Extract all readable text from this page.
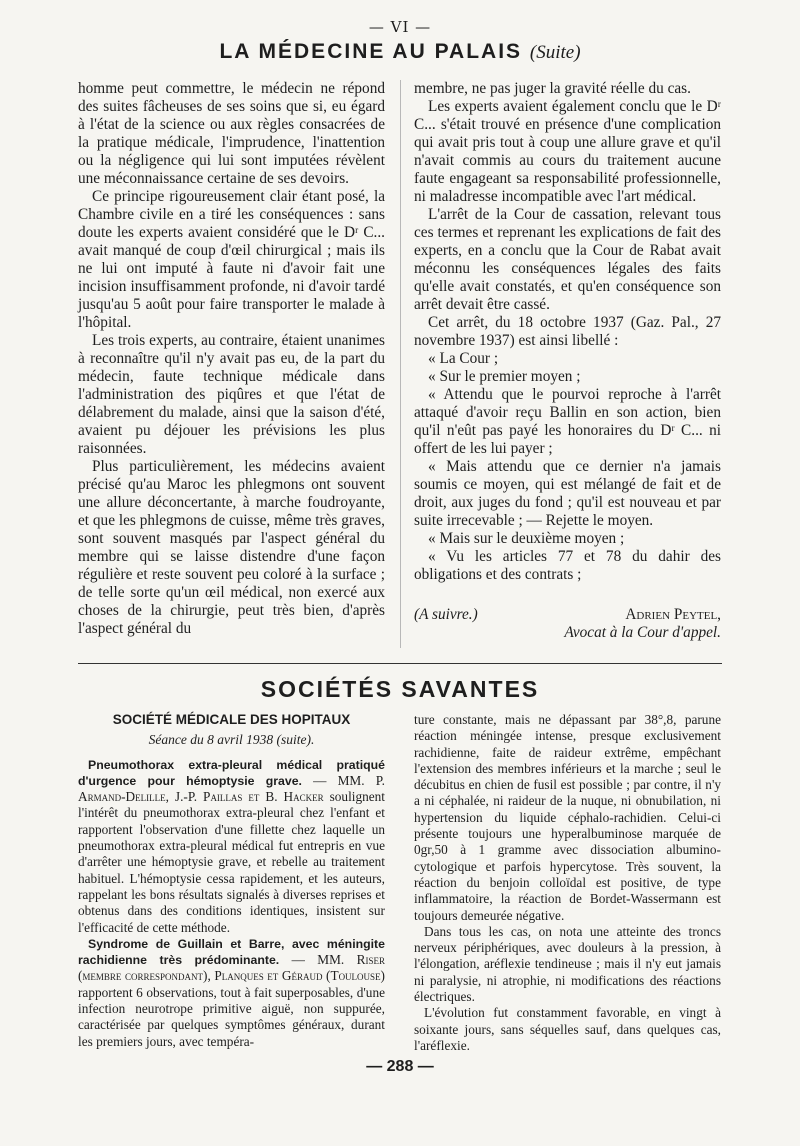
— VI —
LA MÉDECINE AU PALAIS (Suite)

homme peut commettre, le médecin ne répond des suites fâcheuses de ses soins que si, eu égard à l'état de la science ou aux règles consacrées de la pratique médicale, l'imprudence, l'inattention ou la négligence qui lui sont imputées révèlent une méconnaissance certaine de ses devoirs.

Ce principe rigoureusement clair étant posé, la Chambre civile en a tiré les conséquences : sans doute les experts avaient considéré que le Dʳ C... avait manqué de coup d'œil chirurgical ; mais ils ne lui ont imputé à faute ni d'avoir fait une incision insuffisamment profonde, ni d'avoir tardé jusqu'au 5 août pour faire transporter le malade à l'hôpital.

Les trois experts, au contraire, étaient unanimes à reconnaître qu'il n'y avait pas eu, de la part du médecin, faute technique médicale dans l'administration des piqûres et que l'état de délabrement du malade, ainsi que la saison d'été, avaient pu déjouer les prévisions les plus raisonnées.

Plus particulièrement, les médecins avaient précisé qu'au Maroc les phlegmons ont souvent une allure déconcertante, à marche foudroyante, et que les phlegmons de cuisse, même très graves, sont souvent masqués par l'aspect général du membre qui se laisse distendre d'une façon régulière et reste souvent peu coloré à la surface ; de telle sorte qu'un œil médical, non exercé aux choses de la chirurgie, peut très bien, d'après l'aspect général du

membre, ne pas juger la gravité réelle du cas.

Les experts avaient également conclu que le Dʳ C... s'était trouvé en présence d'une complication qui avait pris tout à coup une allure grave et qu'il n'avait commis au cours du traitement aucune faute engageant sa responsabilité professionnelle, ni maladresse incompatible avec l'art médical.

L'arrêt de la Cour de cassation, relevant tous ces termes et reprenant les explications de fait des experts, en a conclu que la Cour de Rabat avait méconnu les conséquences légales des faits qu'elle avait constatés, et qu'en conséquence son arrêt devait être cassé.

Cet arrêt, du 18 octobre 1937 (Gaz. Pal., 27 novembre 1937) est ainsi libellé :

« La Cour ;

« Sur le premier moyen ;

« Attendu que le pourvoi reproche à l'arrêt attaqué d'avoir reçu Ballin en son action, bien qu'il n'eût pas payé les honoraires du Dʳ C... ni offert de les lui payer ;

« Mais attendu que ce dernier n'a jamais soumis ce moyen, qui est mélangé de fait et de droit, aux juges du fond ; qu'il est nouveau et par suite irrecevable ; — Rejette le moyen.

« Mais sur le deuxième moyen ;

« Vu les articles 77 et 78 du dahir des obligations et des contrats ;

(A suivre.)	Adrien Peytel,
Avocat à la Cour d'appel.
SOCIÉTÉS SAVANTES
SOCIÉTÉ MÉDICALE DES HOPITAUX
Séance du 8 avril 1938 (suite).

Pneumothorax extra-pleural médical pratiqué d'urgence pour hémoptysie grave. — MM. P. Armand-Delille, J.-P. Paillas et B. Hacker soulignent l'intérêt du pneumothorax extra-pleural chez l'enfant et rapportent l'observation d'une fillette chez laquelle un pneumothorax extra-pleural médical fut entrepris en vue d'arrêter une hémoptysie grave, et rebelle au traitement habituel. L'hémoptysie cessa rapidement, et les auteurs, rappelant les bons résultats signalés à diverses reprises et obtenus dans des conditions identiques, insistent sur l'efficacité de cette méthode.

Syndrome de Guillain et Barre, avec méningite rachidienne très prédominante. — MM. Riser (membre correspondant), Planques et Géraud (Toulouse) rapportent 6 observations, tout à fait superposables, d'une infection neurotrope primitive aiguë, non suppurée, caractérisée par quelques symptômes généraux, durant les premiers jours, avec tempéra-

ture constante, mais ne dépassant par 38°,8, parune réaction méningée intense, presque exclusivement rachidienne, faite de raideur extrême, empêchant l'extension des membres inférieurs et la marche ; seul le décubitus en chien de fusil est possible ; par contre, il n'y a ni céphalée, ni raideur de la nuque, ni obnubilation, ni hypertension du liquide céphalo-rachidien. Celui-ci présente toujours une hyperalbuminose marquée de 0gr,50 à 1 gramme avec dissociation albumino-cytologique et parfois hypercytose. Très souvent, la réaction du benjoin colloïdal est positive, de type inflammatoire, la réaction de Bordet-Wassermann est toujours demeurée négative.

Dans tous les cas, on nota une atteinte des troncs nerveux périphériques, avec douleurs à la pression, à l'élongation, aréflexie tendineuse ; mais il n'y eut jamais ni paralysie, ni atrophie, ni modifications des réactions électriques.

L'évolution fut constamment favorable, en vingt à soixante jours, sans séquelles sauf, dans quelques cas, l'aréflexie.

— 288 —
